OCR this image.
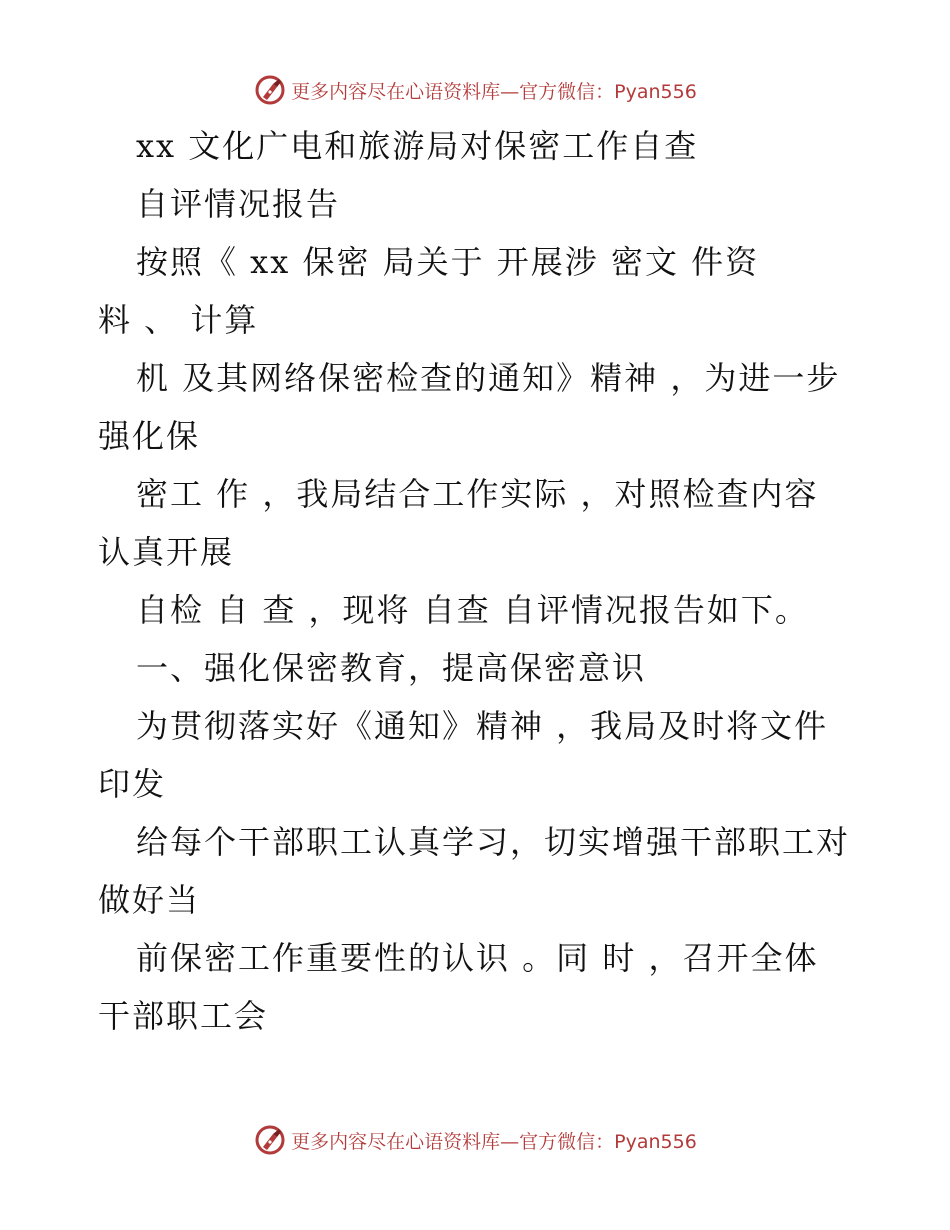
更多内容尽在心语资料库—官方微信：Pyan556
xx 文化广电和旅游局对保密工作自查
自评情况报告
按照《 xx 保密 局关于 开展涉 密文 件资
料 、 计算
机 及其网络保密检查的通知》精神 ，为进一步
强化保
密工 作 ，我局结合工作实际 ，对照检查内容
认真开展
自检 自 查 ，现将 自查 自评情况报告如下。
一、强化保密教育，提高保密意识
为贯彻落实好《通知》精神 ，我局及时将文件
印发
给每个干部职工认真学习，切实增强干部职工对
做好当
前保密工作重要性的认识 。同 时 ，召开全体
干部职工会
更多内容尽在心语资料库—官方微信：Pyan556
